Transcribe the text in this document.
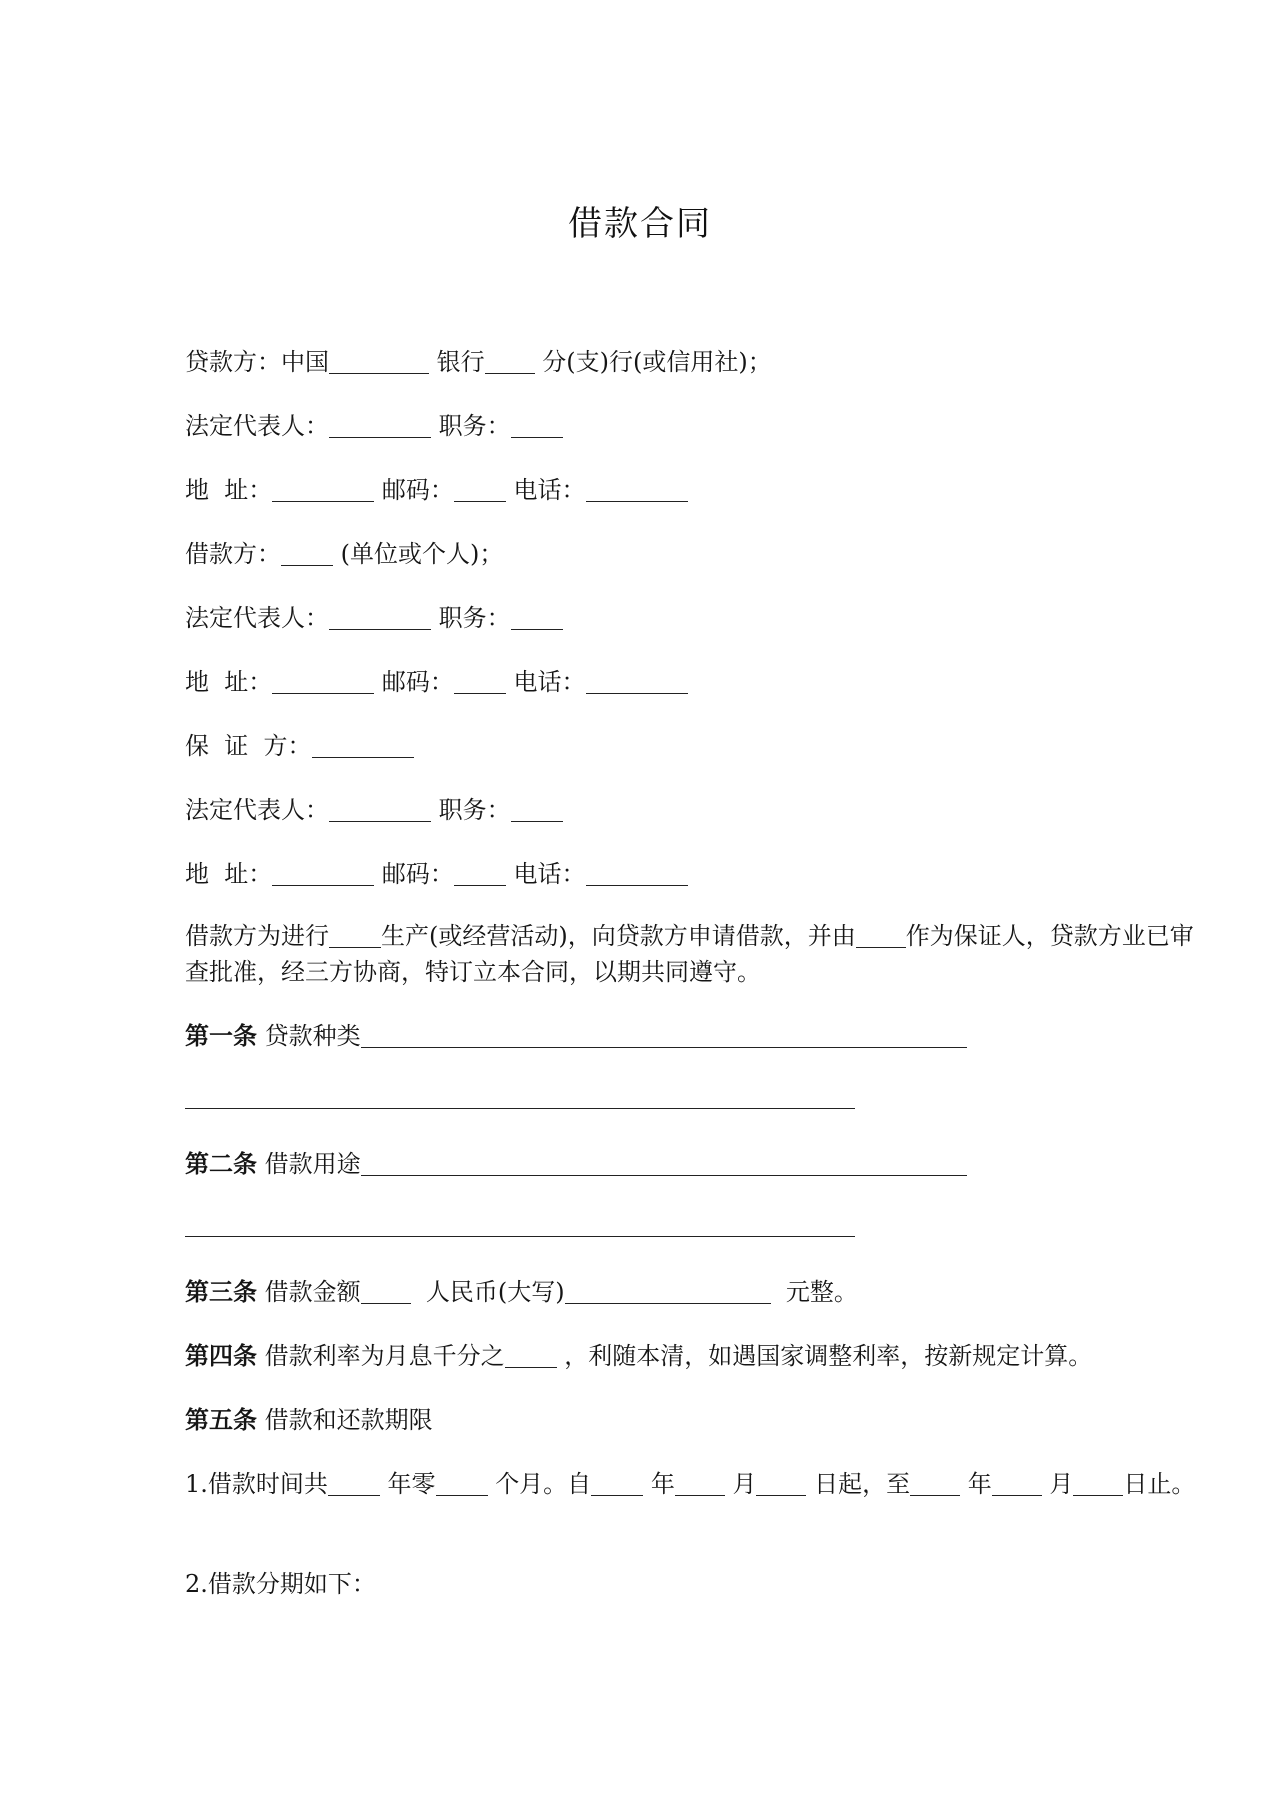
借款合同
贷款方：中国	银行 分(支)行(或信用社)；
法定代表人：	职务：
地  址：	邮码： 电话：
借款方： (单位或个人)；
法定代表人：	职务：
地  址：	邮码： 电话：
保  证  方：
法定代表人：	职务：
地  址：	邮码： 电话：
借款方为进行 生产(或经营活动)，向贷款方申请借款，并由 作为保证人，贷款方业已审查批准，经三方协商，特订立本合同，以期共同遵守。
第一条 贷款种类
第二条 借款用途
第三条 借款金额	人民币(大写)	元整。
第四条 借款利率为月息千分之 ，利随本清，如遇国家调整利率，按新规定计算。
第五条 借款和还款期限
1.借款时间共 年零 个月。自 年 月 日起，至 年 月 日止。
2.借款分期如下：
